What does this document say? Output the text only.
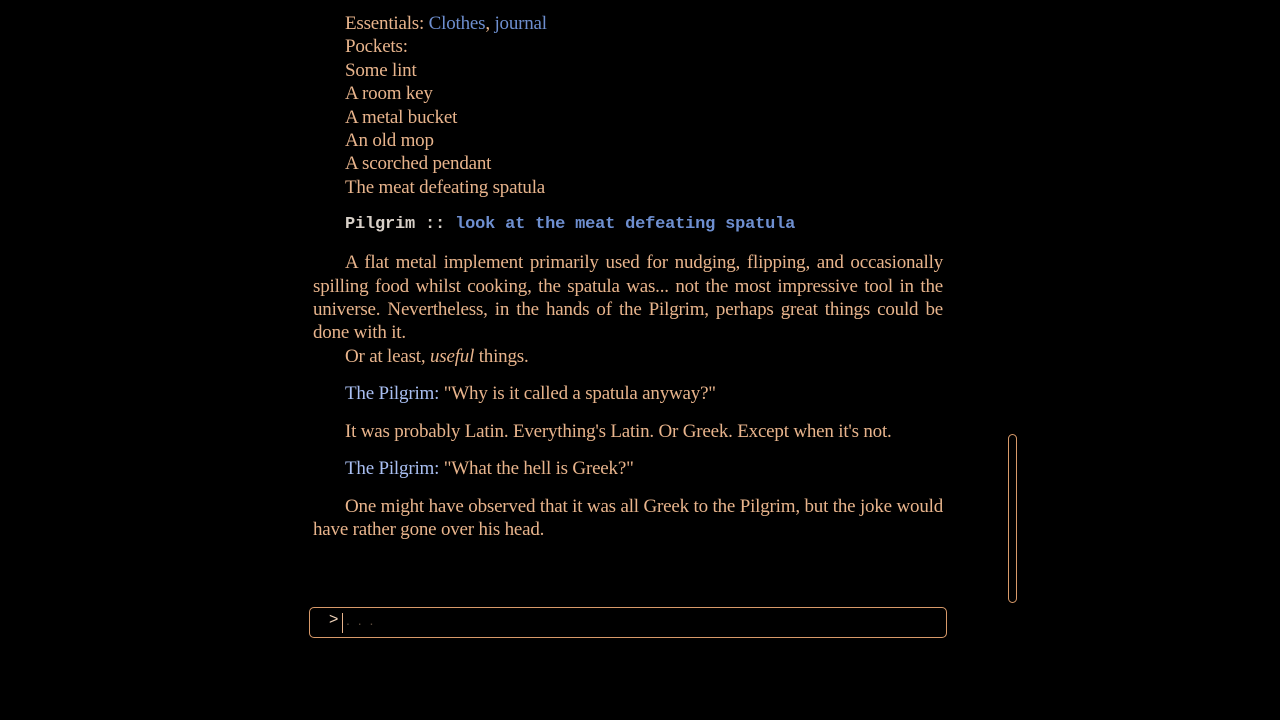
Essentials: Clothes, journal
Pockets:
Some lint
A room key
A metal bucket
An old mop
A scorched pendant
The meat defeating spatula
Pilgrim :: look at the meat defeating spatula
A flat metal implement primarily used for nudging, flipping, and occasionally spilling food whilst cooking, the spatula was... not the most impressive tool in the universe. Nevertheless, in the hands of the Pilgrim, perhaps great things could be done with it.
Or at least, useful things.
The Pilgrim: "Why is it called a spatula anyway?"
It was probably Latin. Everything's Latin. Or Greek. Except when it's not.
The Pilgrim: "What the hell is Greek?"
One might have observed that it was all Greek to the Pilgrim, but the joke would have rather gone over his head.
> . . .
